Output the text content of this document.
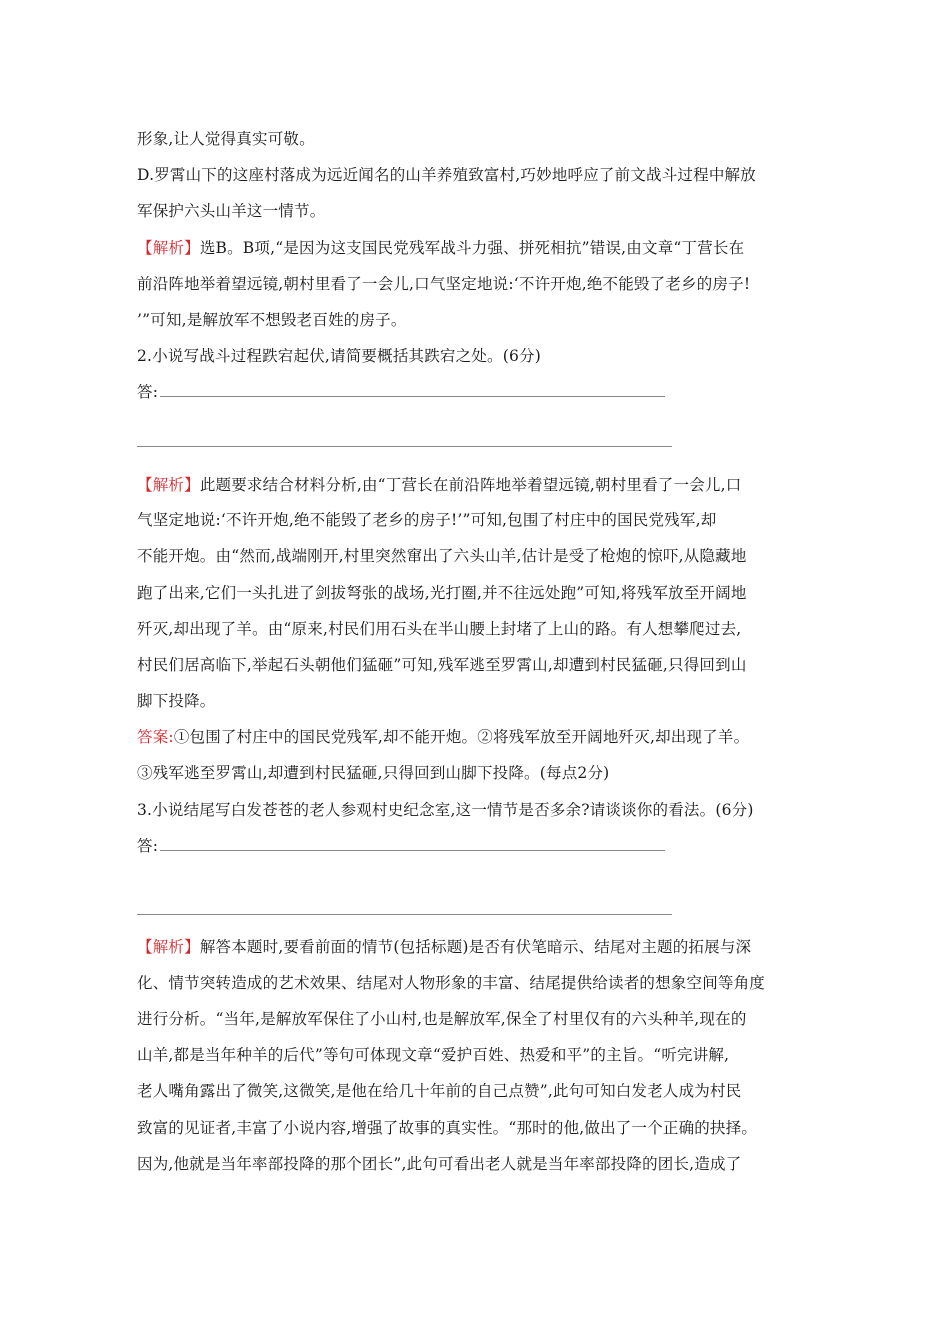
形象,让人觉得真实可敬。
D.罗霄山下的这座村落成为远近闻名的山羊养殖致富村,巧妙地呼应了前文战斗过程中解放
军保护六头山羊这一情节。
【解析】选B。B项,“是因为这支国民党残军战斗力强、拼死相抗”错误,由文章“丁营长在
前沿阵地举着望远镜,朝村里看了一会儿,口气坚定地说:‘不许开炮,绝不能毁了老乡的房子!
’”可知,是解放军不想毁老百姓的房子。
2.小说写战斗过程跌宕起伏,请简要概括其跌宕之处。(6分)
答:
【解析】此题要求结合材料分析,由“丁营长在前沿阵地举着望远镜,朝村里看了一会儿,口
气坚定地说:‘不许开炮,绝不能毁了老乡的房子!’”可知,包围了村庄中的国民党残军,却
不能开炮。由“然而,战端刚开,村里突然窜出了六头山羊,估计是受了枪炮的惊吓,从隐藏地
跑了出来,它们一头扎进了剑拔弩张的战场,光打圈,并不往远处跑”可知,将残军放至开阔地
歼灭,却出现了羊。由“原来,村民们用石头在半山腰上封堵了上山的路。有人想攀爬过去,
村民们居高临下,举起石头朝他们猛砸”可知,残军逃至罗霄山,却遭到村民猛砸,只得回到山
脚下投降。
答案:①包围了村庄中的国民党残军,却不能开炮。②将残军放至开阔地歼灭,却出现了羊。
③残军逃至罗霄山,却遭到村民猛砸,只得回到山脚下投降。(每点2分)
3.小说结尾写白发苍苍的老人参观村史纪念室,这一情节是否多余?请谈谈你的看法。(6分)
答:
【解析】解答本题时,要看前面的情节(包括标题)是否有伏笔暗示、结尾对主题的拓展与深
化、情节突转造成的艺术效果、结尾对人物形象的丰富、结尾提供给读者的想象空间等角度
进行分析。“当年,是解放军保住了小山村,也是解放军,保全了村里仅有的六头种羊,现在的
山羊,都是当年种羊的后代”等句可体现文章“爱护百姓、热爱和平”的主旨。“听完讲解,
老人嘴角露出了微笑,这微笑,是他在给几十年前的自己点赞”,此句可知白发老人成为村民
致富的见证者,丰富了小说内容,增强了故事的真实性。“那时的他,做出了一个正确的抉择。
因为,他就是当年率部投降的那个团长”,此句可看出老人就是当年率部投降的团长,造成了
